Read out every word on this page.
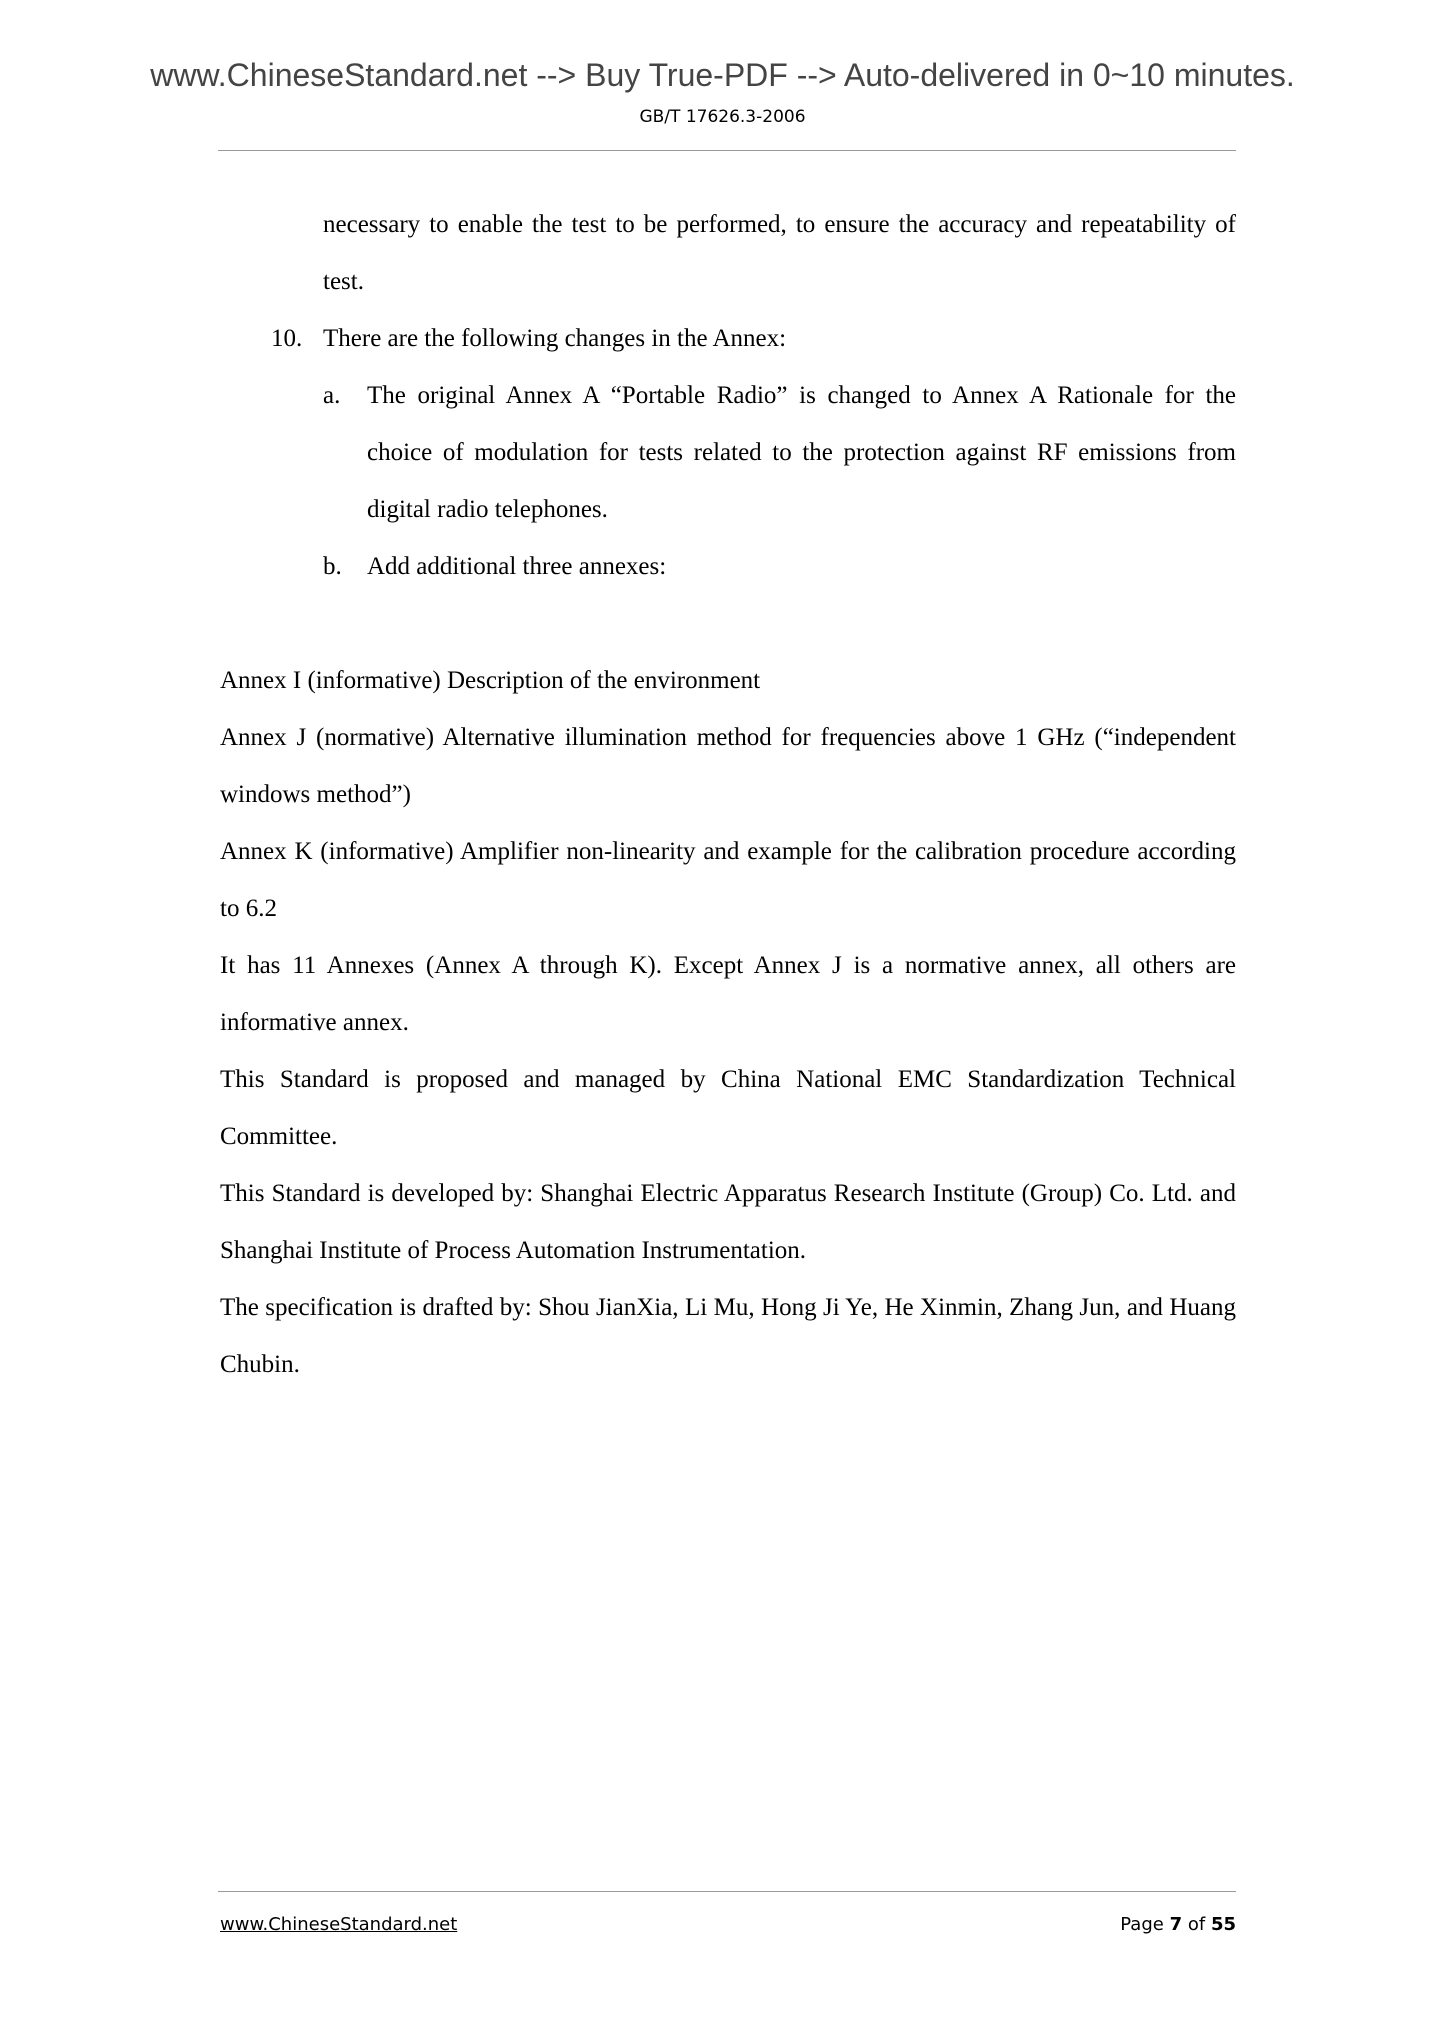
www.ChineseStandard.net --> Buy True-PDF --> Auto-delivered in 0~10 minutes.
GB/T 17626.3-2006

necessary to enable the test to be performed, to ensure the accuracy and repeatability of test.

10. There are the following changes in the Annex:

a. The original Annex A “Portable Radio” is changed to Annex A Rationale for the choice of modulation for tests related to the protection against RF emissions from digital radio telephones.

b. Add additional three annexes:

Annex I (informative) Description of the environment

Annex J (normative) Alternative illumination method for frequencies above 1 GHz (“independent windows method”)

Annex K (informative) Amplifier non-linearity and example for the calibration procedure according to 6.2

It has 11 Annexes (Annex A through K). Except Annex J is a normative annex, all others are informative annex.

This Standard is proposed and managed by China National EMC Standardization Technical Committee.

This Standard is developed by: Shanghai Electric Apparatus Research Institute (Group) Co. Ltd. and Shanghai Institute of Process Automation Instrumentation.

The specification is drafted by: Shou JianXia, Li Mu, Hong Ji Ye, He Xinmin, Zhang Jun, and Huang Chubin.

www.ChineseStandard.net	Page 7 of 55
